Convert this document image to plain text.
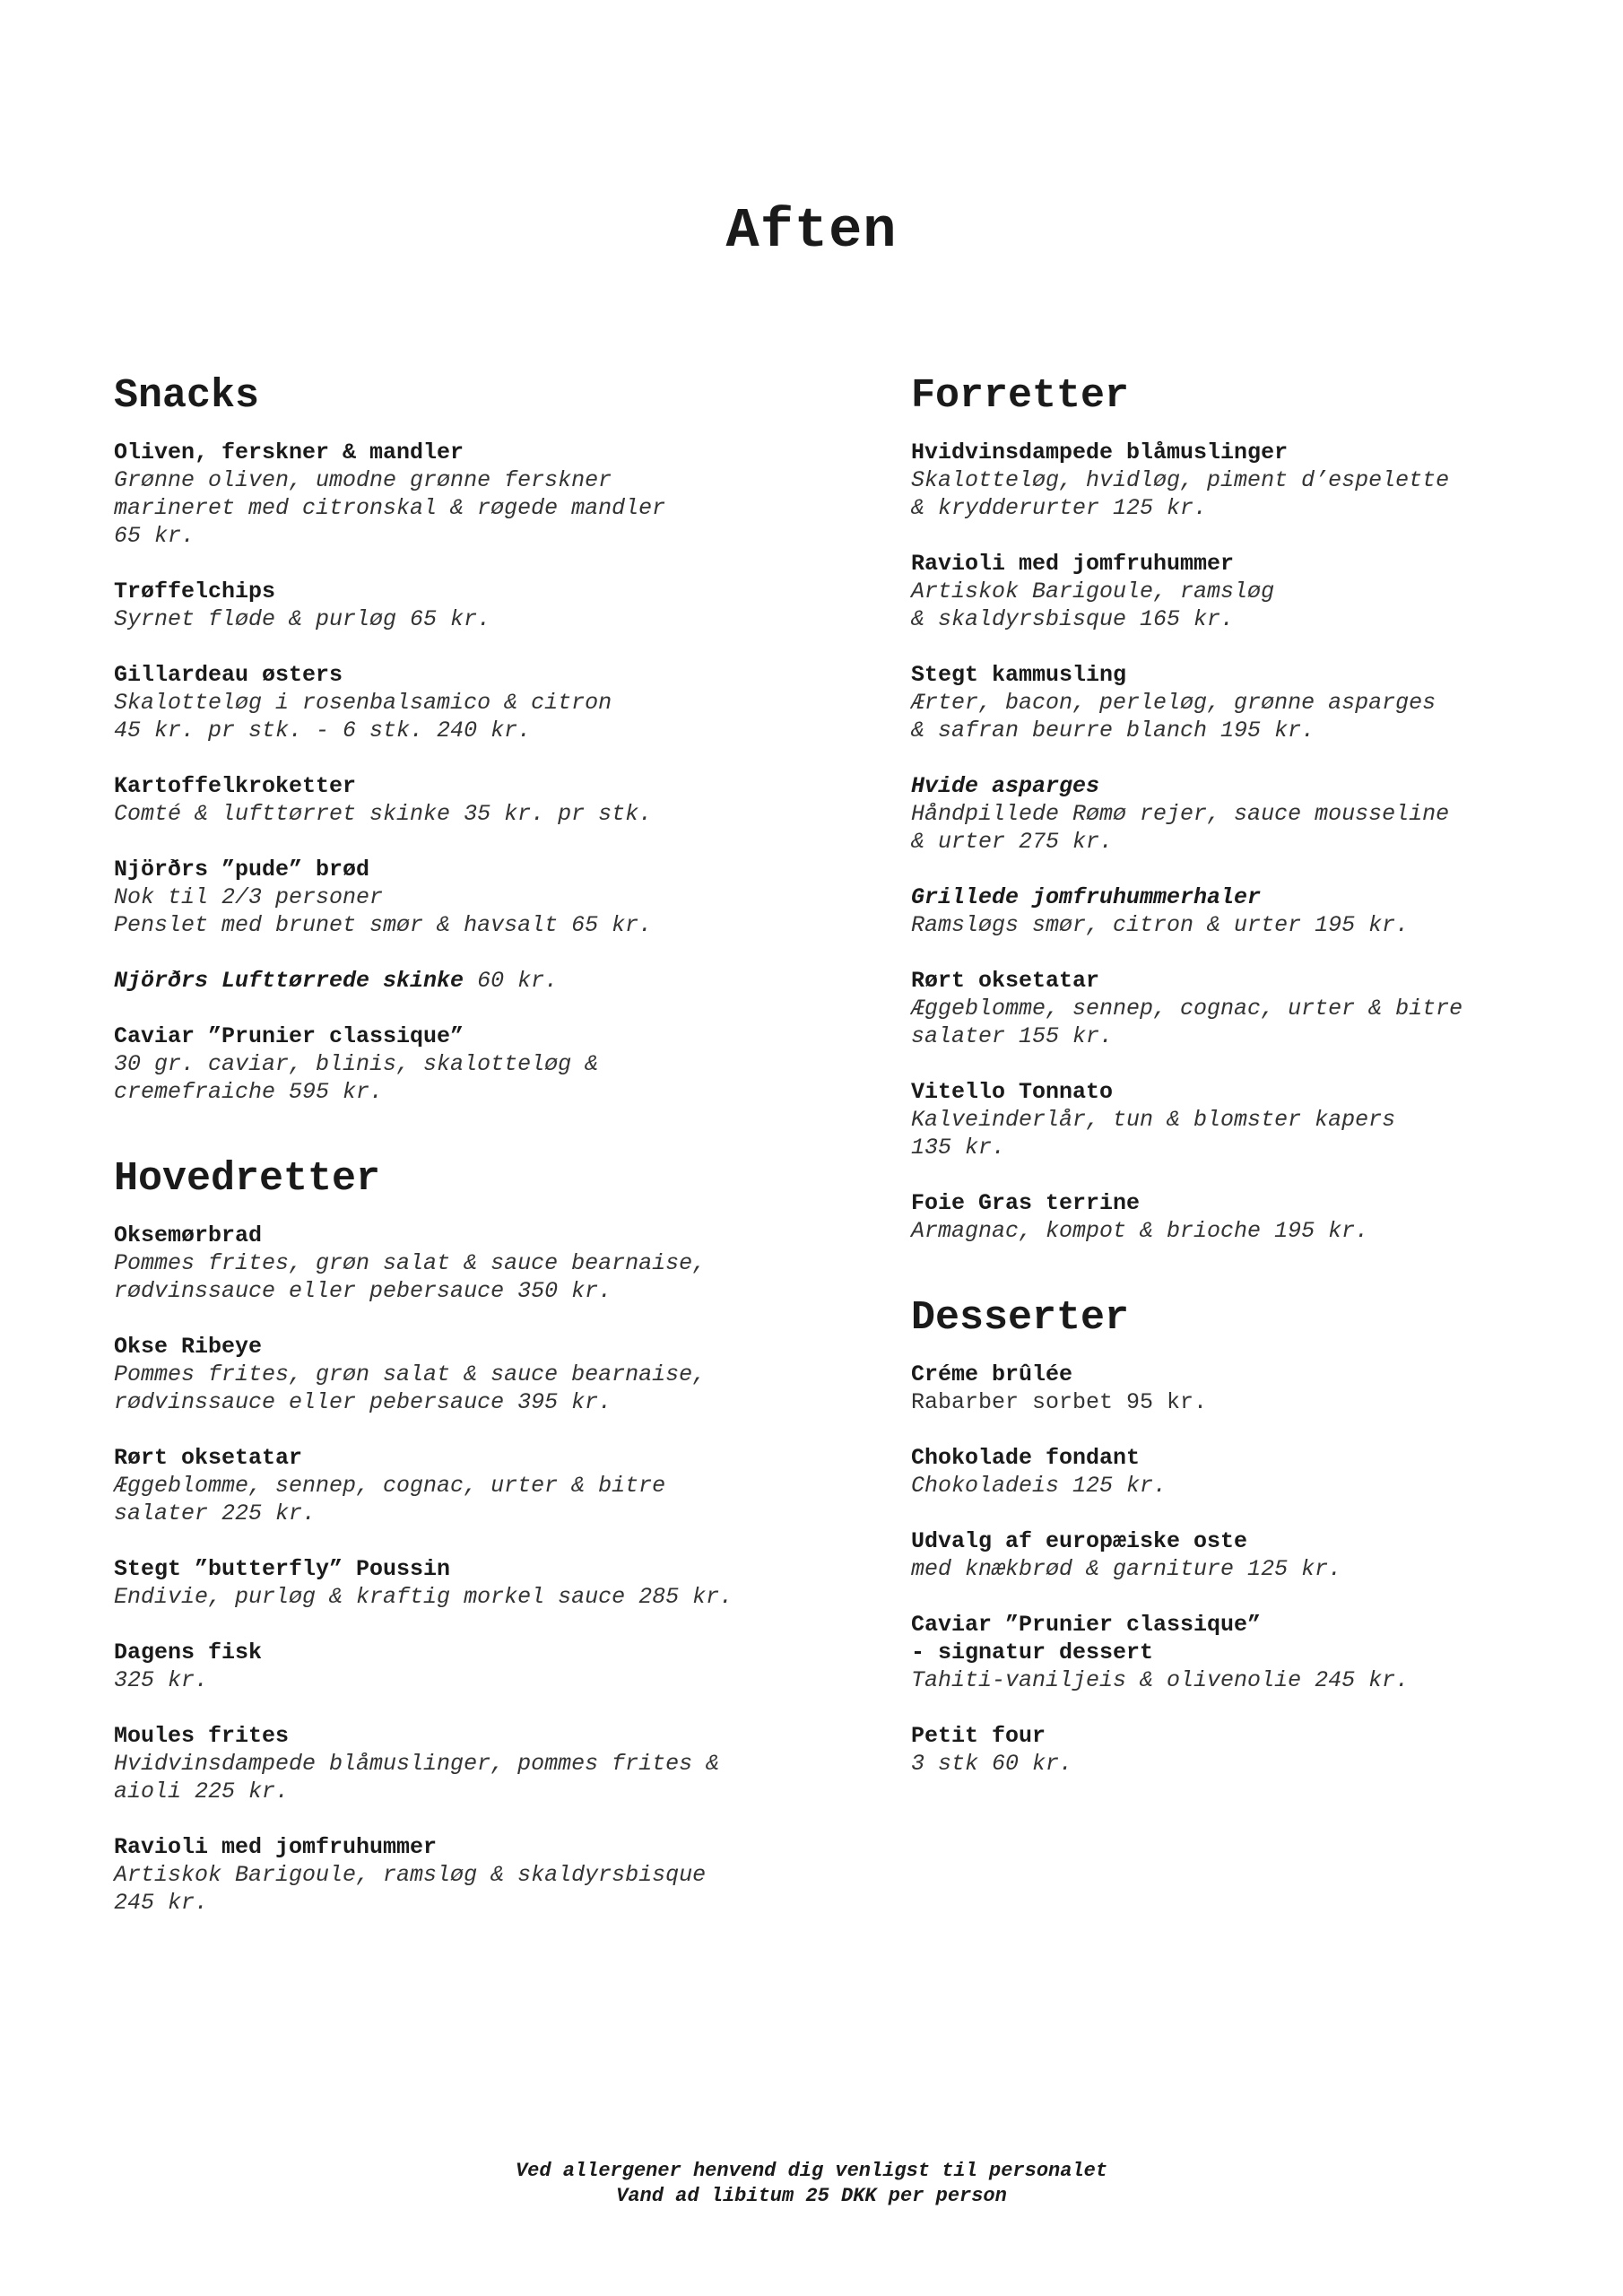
Aften
Snacks
Oliven, ferskner & mandler
Grønne oliven, umodne grønne ferskner
marineret med citronskal & røgede mandler
65 kr.
Trøffelchips
Syrnet fløde & purløg 65 kr.
Gillardeau østers
Skalotteløg i rosenbalsamico & citron
45 kr. pr stk. - 6 stk. 240 kr.
Kartoffelkroketter
Comté & lufttørret skinke 35 kr. pr stk.
Njörðrs ”pude” brød
Nok til 2/3 personer
Penslet med brunet smør & havsalt 65 kr.
Njörðrs Lufttørrede skinke 60 kr.
Caviar ”Prunier classique”
30 gr. caviar, blinis, skalotteløg &
cremefraiche 595 kr.
Hovedretter
Oksemørbrad
Pommes frites, grøn salat & sauce bearnaise,
rødvinssauce eller pebersauce 350 kr.
Okse Ribeye
Pommes frites, grøn salat & sauce bearnaise,
rødvinssauce eller pebersauce 395 kr.
Rørt oksetatar
Æggeblomme, sennep, cognac, urter & bitre
salater 225 kr.
Stegt ”butterfly” Poussin
Endivie, purløg & kraftig morkel sauce 285 kr.
Dagens fisk
325 kr.
Moules frites
Hvidvinsdampede blåmuslinger, pommes frites &
aioli 225 kr.
Ravioli med jomfruhummer
Artiskok Barigoule, ramsløg & skaldyrsbisque
245 kr.
Forretter
Hvidvinsdampede blåmuslinger
Skalotteløg, hvidløg, piment d’espelette
& krydderurter 125 kr.
Ravioli med jomfruhummer
Artiskok Barigoule, ramsløg
& skaldyrsbisque 165 kr.
Stegt kammusling
Ærter, bacon, perleløg, grønne asparges
& safran beurre blanch 195 kr.
Hvide asparges
Håndpillede Rømø rejer, sauce mousseline
& urter 275 kr.
Grillede jomfruhummerhaler
Ramsløgs smør, citron & urter 195 kr.
Rørt oksetatar
Æggeblomme, sennep, cognac, urter & bitre
salater 155 kr.
Vitello Tonnato
Kalveinderlår, tun & blomster kapers
135 kr.
Foie Gras terrine
Armagnac, kompot & brioche 195 kr.
Desserter
Créme brûlée
Rabarber sorbet 95 kr.
Chokolade fondant
Chokoladeis 125 kr.
Udvalg af europæiske oste
med knækbrød & garniture 125 kr.
Caviar ”Prunier classique”
- signatur dessert
Tahiti-vaniljeis & olivenolie 245 kr.
Petit four
3 stk 60 kr.
Ved allergener henvend dig venligst til personalet
Vand ad libitum 25 DKK per person
